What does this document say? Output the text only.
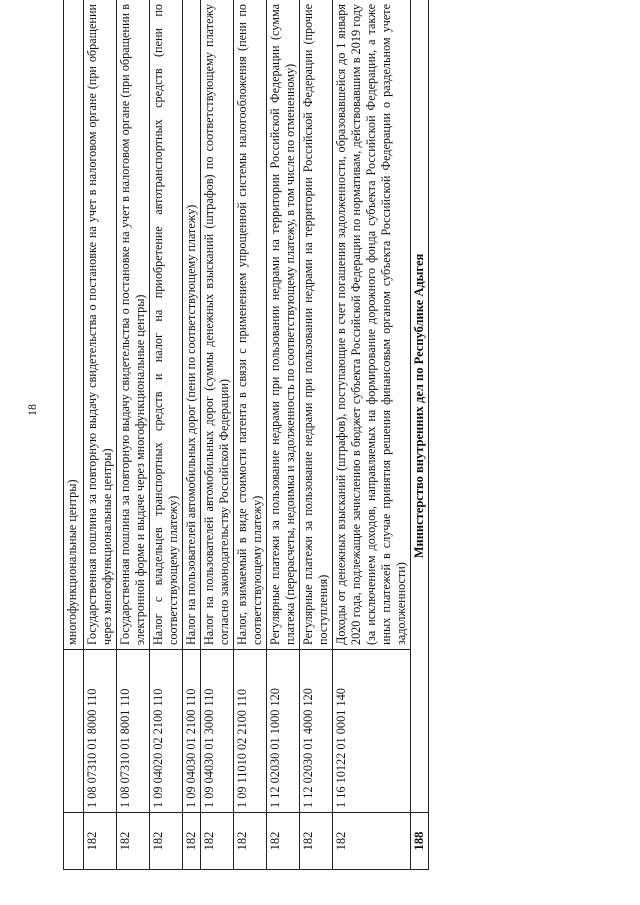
18
		многофункциональные центры)
182	1 08 07310 01 8000 110	Государственная пошлина за повторную выдачу свидетельства о постановке на учет в налоговом органе (при обращении через многофункциональные центры)
182	1 08 07310 01 8001 110	Государственная пошлина за повторную выдачу свидетельства о постановке на учет в налоговом органе (при обращении в электронной форме и выдаче через многофункциональные центры)
182	1 09 04020 02 2100 110	Налог с владельцев транспортных средств и налог на приобретение автотранспортных средств (пени по соответствующему платежу)
182	1 09 04030 01 2100 110	Налог на пользователей автомобильных дорог (пени по соответствующему платежу)
182	1 09 04030 01 3000 110	Налог на пользователей автомобильных дорог (суммы денежных взысканий (штрафов) по соответствующему платежу согласно законодательству Российской Федерации)
182	1 09 11010 02 2100 110	Налог, взимаемый в виде стоимости патента в связи с применением упрощенной системы налогообложения (пени по соответствующему платежу)
182	1 12 02030 01 1000 120	Регулярные платежи за пользование недрами при пользовании недрами на территории Российской Федерации (сумма платежа (перерасчеты, недоимка и задолженность по соответствующему платежу, в том числе по отмененному)
182	1 12 02030 01 4000 120	Регулярные платежи за пользование недрами при пользовании недрами на территории Российской Федерации (прочие поступления)
182	1 16 10122 01 0001 140	Доходы от денежных взысканий (штрафов), поступающие в счет погашения задолженности, образовавшейся до 1 января 2020 года, подлежащие зачислению в бюджет субъекта Российской Федерации по нормативам, действовавшим в 2019 году (за исключением доходов, направляемых на формирование дорожного фонда субъекта Российской Федерации, а также иных платежей в случае принятия решения финансовым органом субъекта Российской Федерации о раздельном учете задолженности)
188	Министерство внутренних дел по Республике Адыгея	
